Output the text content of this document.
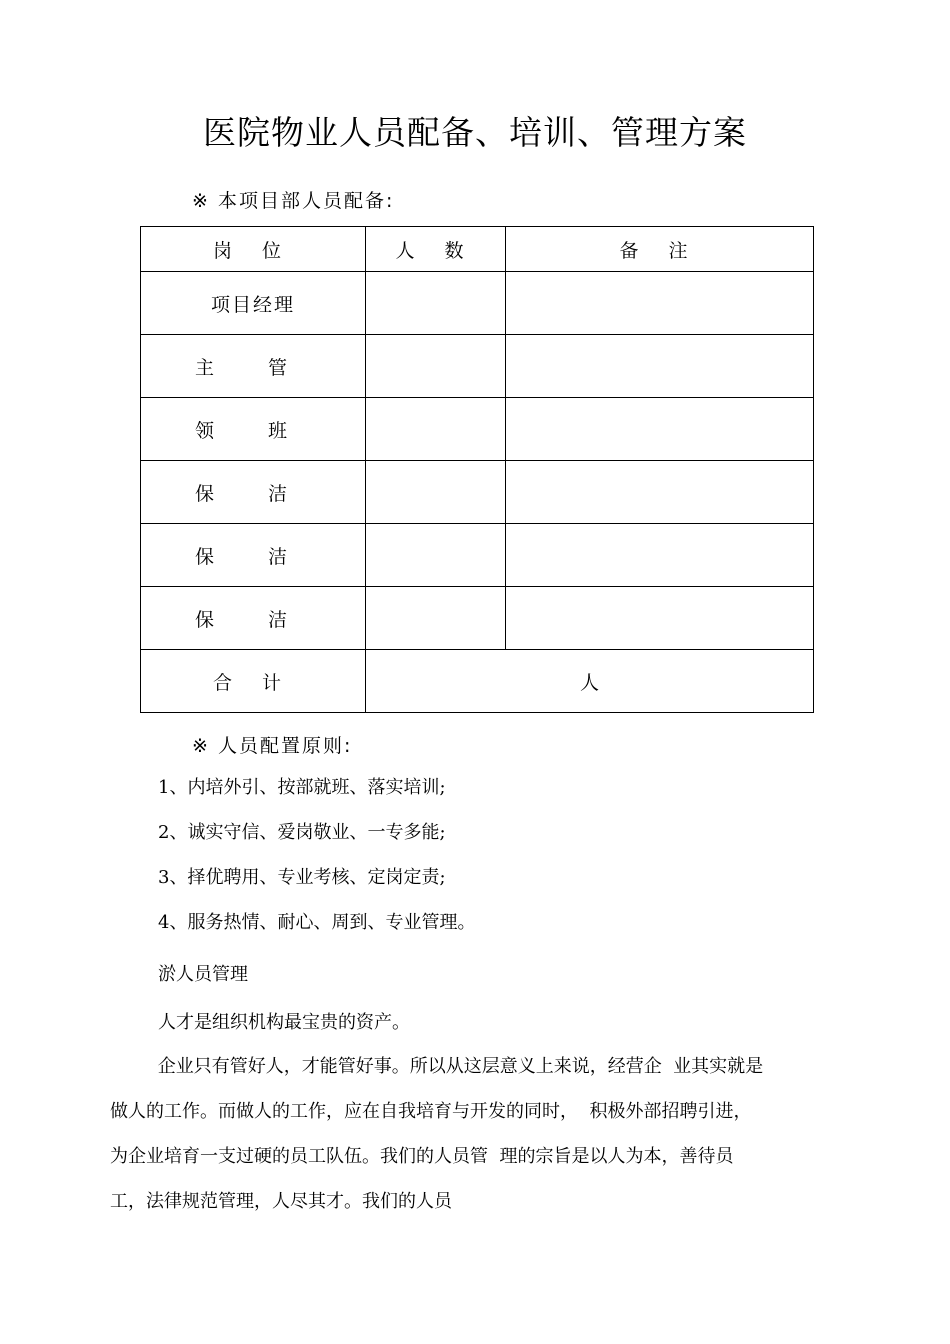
医院物业人员配备、培训、管理方案
※ 本项目部人员配备:
岗 位	人 数	备 注
项目经理		
主 管		
领 班		
保 洁		
保 洁		
保 洁		
合 计	人	
※ 人员配置原则:
1、内培外引、按部就班、落实培训;
2、诚实守信、爱岗敬业、一专多能;
3、择优聘用、专业考核、定岗定责;
4、服务热情、耐心、周到、专业管理。
淤人员管理
人才是组织机构最宝贵的资产。
企业只有管好人，才能管好事。所以从这层意义上来说，经营企  业其实就是
做人的工作。而做人的工作，应在自我培育与开发的同时，  积极外部招聘引进，
为企业培育一支过硬的员工队伍。我们的人员管  理的宗旨是以人为本，善待员
工，法律规范管理，人尽其才。我们的人员
